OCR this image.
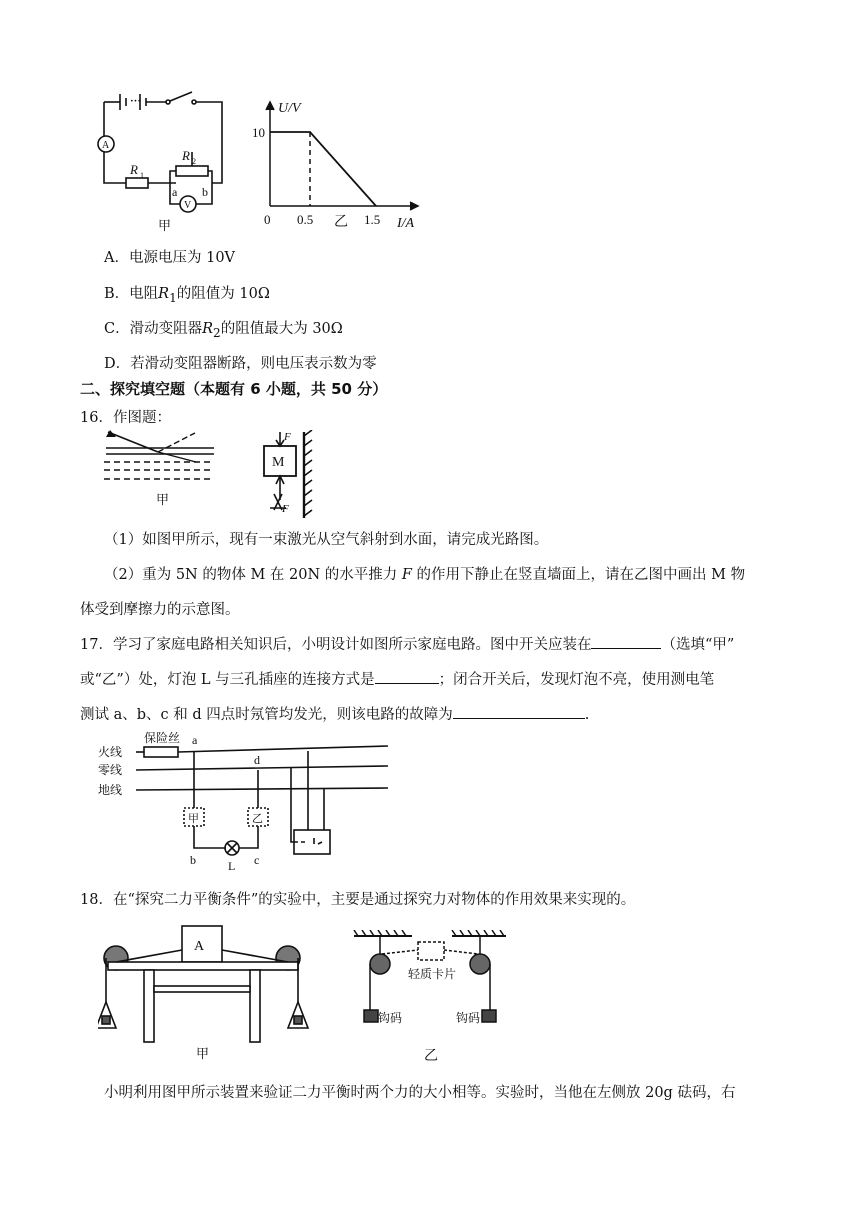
···
A
R 1
R 2
a b
V
甲
U/V
10
0 0.5 乙 1.5 I/A
A．电源电压为 10V
B．电阻$R_1$的阻值为 10Ω
C．滑动变阻器$R_2$的阻值最大为 30Ω
D．若滑动变阻器断路，则电压表示数为零
二、探究填空题（本题有 6 小题，共 50 分）
16．作图题：
甲
M
F
F
（1）如图甲所示，现有一束激光从空气斜射到水面，请完成光路图。
（2）重为 5N 的物体 M 在 20N 的水平推力 F 的作用下静止在竖直墙面上，请在乙图中画出 M 物
体受到摩擦力的示意图。
17．学习了家庭电路相关知识后，小明设计如图所示家庭电路。图中开关应装在	（选填“甲”
或“乙”）处，灯泡 L 与三孔插座的连接方式是	；闭合开关后，发现灯泡不亮，使用测电笔
测试 a、b、c 和 d 四点时氖管均发光，则该电路的故障为	.
火线
零线
地线
保险丝 a
d
甲	乙
b	L c
18．在“探究二力平衡条件”的实验中，主要是通过探究力对物体的作用效果来实现的。
A
甲
轻质卡片
钩码	钩码
乙
小明利用图甲所示装置来验证二力平衡时两个力的大小相等。实验时，当他在左侧放 20g 砝码，右
